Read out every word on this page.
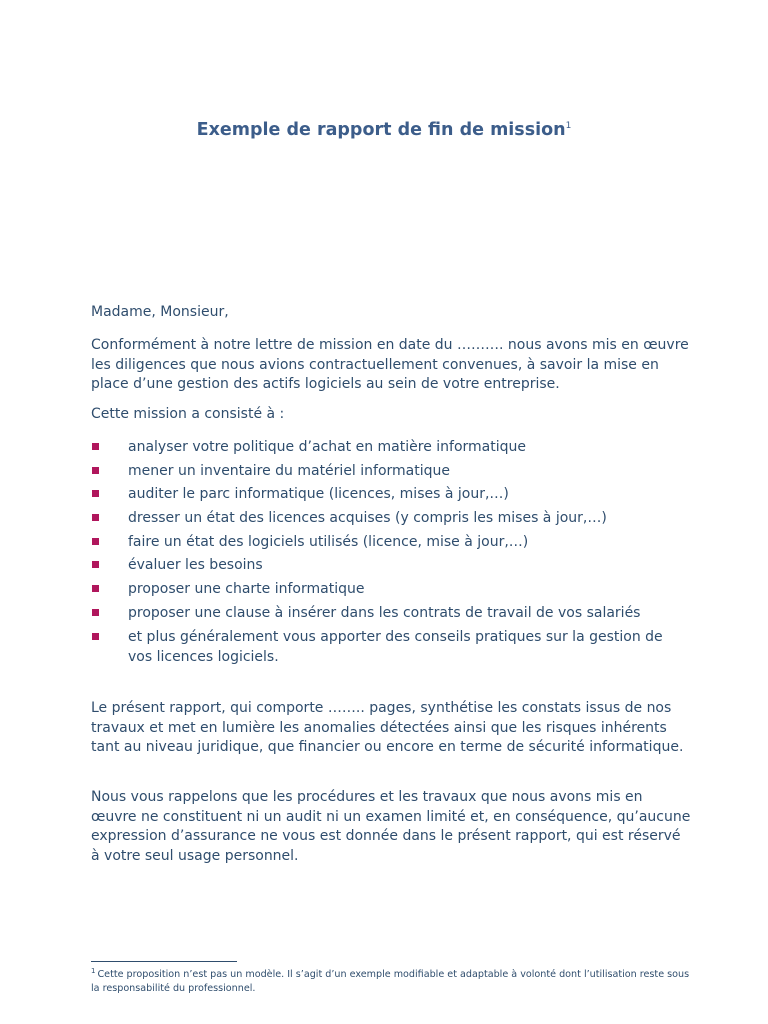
Exemple de rapport de fin de mission$^1$

Madame, Monsieur,

Conformément à notre lettre de mission en date du ………. nous avons mis en œuvre les diligences que nous avions contractuellement convenues, à savoir la mise en place d’une gestion des actifs logiciels au sein de votre entreprise.

Cette mission a consisté à :

analyser votre politique d’achat en matière informatique
mener un inventaire du matériel informatique
auditer le parc informatique (licences, mises à jour,…)
dresser un état des licences acquises (y compris les mises à jour,…)
faire un état des logiciels utilisés (licence, mise à jour,…)
évaluer les besoins
proposer une charte informatique
proposer une clause à insérer dans les contrats de travail de vos salariés
et plus généralement vous apporter des conseils pratiques sur la gestion de vos licences logiciels.

Le présent rapport, qui comporte …….. pages, synthétise les constats issus de nos travaux et met en lumière les anomalies détectées ainsi que les risques inhérents tant au niveau juridique, que financier ou encore en terme de sécurité informatique.

Nous vous rappelons que les procédures et les travaux que nous avons mis en œuvre ne constituent ni un audit ni un examen limité et, en conséquence, qu’aucune expression d’assurance ne vous est donnée dans le présent rapport, qui est réservé à votre seul usage personnel.

$^1$ Cette proposition n’est pas un modèle. Il s’agit d’un exemple modifiable et adaptable à volonté dont l’utilisation reste sous la responsabilité du professionnel.
